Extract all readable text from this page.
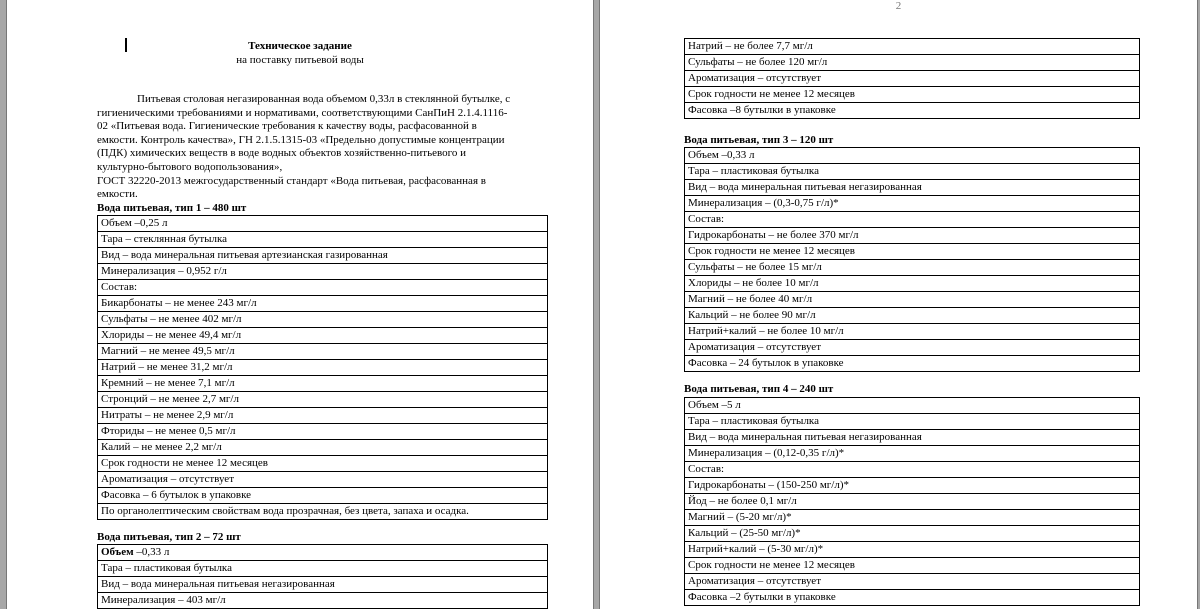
Техническое задание
на поставку питьевой воды
Питьевая столовая негазированная вода объемом 0,33л в стеклянной бутылке, с
гигиеническими требованиями и нормативами, соответствующими СанПиН 2.1.4.1116-
02 «Питьевая вода. Гигиенические требования к качеству воды, расфасованной в
емкости. Контроль качества», ГН 2.1.5.1315-03 «Предельно допустимые концентрации
(ПДК) химических веществ в воде водных объектов хозяйственно-питьевого и
культурно-бытового водопользования»,
ГОСТ 32220-2013 межгосударственный стандарт «Вода питьевая, расфасованная в
емкости.
Вода питьевая, тип 1 – 480 шт
Объем –0,25 л
Тара – стеклянная бутылка
Вид – вода минеральная питьевая артезианская газированная
Минерализация – 0,952 г/л
Состав:
Бикарбонаты – не менее 243 мг/л
Сульфаты – не менее 402 мг/л
Хлориды – не менее 49,4 мг/л
Магний – не менее 49,5 мг/л
Натрий – не менее 31,2 мг/л
Кремний – не менее 7,1 мг/л
Стронций – не менее 2,7 мг/л
Нитраты – не менее 2,9 мг/л
Фториды – не менее 0,5 мг/л
Калий – не менее 2,2 мг/л
Срок годности не менее 12 месяцев
Ароматизация – отсутствует
Фасовка – 6 бутылок в упаковке
По органолептическим свойствам вода прозрачная, без цвета, запаха и осадка.
Вода питьевая, тип 2 – 72 шт
Объем –0,33 л
Тара – пластиковая бутылка
Вид – вода минеральная питьевая негазированная
Минерализация – 403 мг/л
2
Натрий – не более 7,7 мг/л
Сульфаты – не более 120 мг/л
Ароматизация – отсутствует
Срок годности не менее 12 месяцев
Фасовка –8 бутылки в упаковке
Вода питьевая, тип 3 – 120 шт
Объем –0,33 л
Тара – пластиковая бутылка
Вид – вода минеральная питьевая негазированная
Минерализация – (0,3-0,75 г/л)*
Состав:
Гидрокарбонаты – не более 370 мг/л
Срок годности не менее 12 месяцев
Сульфаты – не более 15 мг/л
Хлориды – не более 10 мг/л
Магний – не более 40 мг/л
Кальций – не более 90 мг/л
Натрий+калий – не более 10 мг/л
Ароматизация – отсутствует
Фасовка – 24 бутылок в упаковке
Вода питьевая, тип 4 – 240 шт
Объем –5 л
Тара – пластиковая бутылка
Вид – вода минеральная питьевая негазированная
Минерализация – (0,12-0,35 г/л)*
Состав:
Гидрокарбонаты – (150-250 мг/л)*
Йод – не более 0,1 мг/л
Магний – (5-20 мг/л)*
Кальций – (25-50 мг/л)*
Натрий+калий – (5-30 мг/л)*
Срок годности не менее 12 месяцев
Ароматизация – отсутствует
Фасовка –2 бутылки в упаковке
